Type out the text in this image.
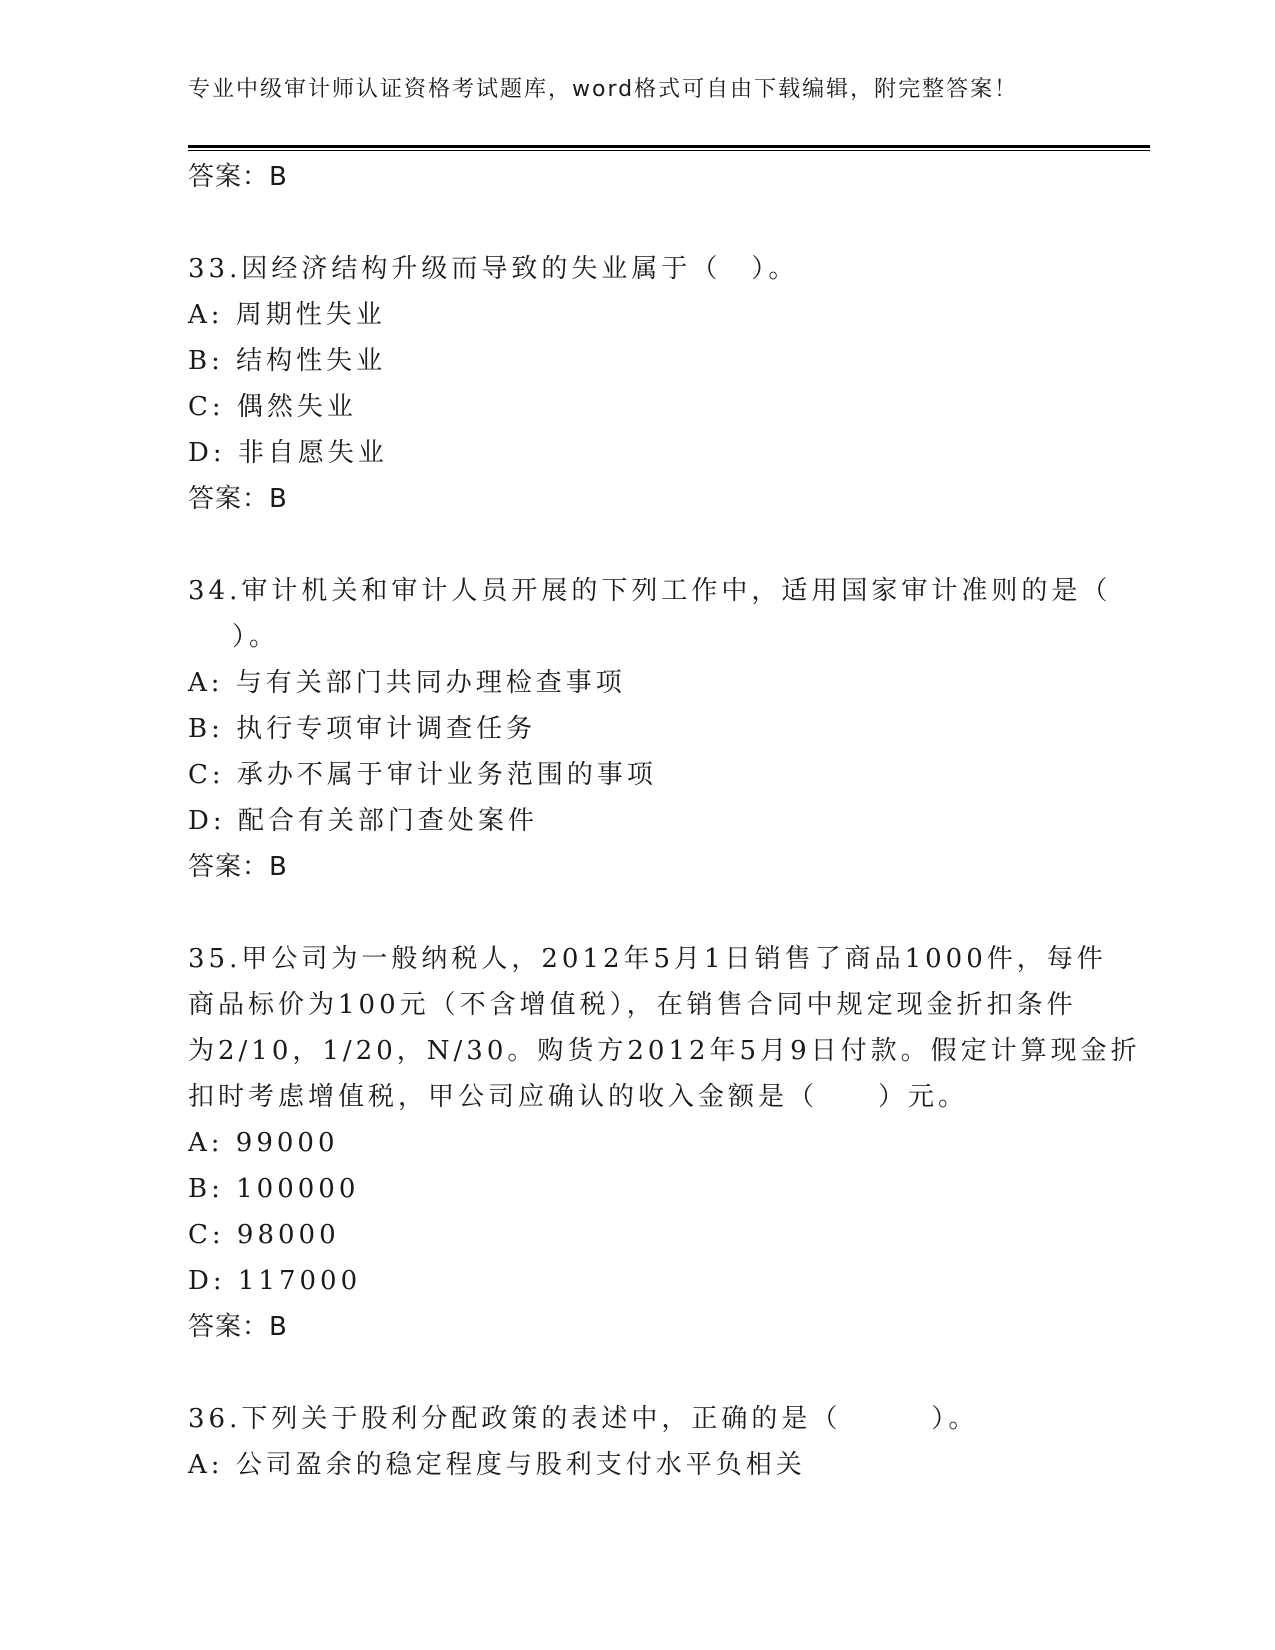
专业中级审计师认证资格考试题库，word格式可自由下载编辑，附完整答案！
答案：B
33.因经济结构升级而导致的失业属于（　）。
A: 周期性失业
B: 结构性失业
C: 偶然失业
D: 非自愿失业
答案：B
34.审计机关和审计人员开展的下列工作中，适用国家审计准则的是（
）。
A: 与有关部门共同办理检查事项
B: 执行专项审计调查任务
C: 承办不属于审计业务范围的事项
D: 配合有关部门查处案件
答案：B
35.甲公司为一般纳税人，2012年5月1日销售了商品1000件，每件
商品标价为100元（不含增值税），在销售合同中规定现金折扣条件
为2/10，1/20，N/30。购货方2012年5月9日付款。假定计算现金折
扣时考虑增值税，甲公司应确认的收入金额是（　　）元。
A: 99000
B: 100000
C: 98000
D: 117000
答案：B
36.下列关于股利分配政策的表述中，正确的是（　　　）。
A: 公司盈余的稳定程度与股利支付水平负相关
